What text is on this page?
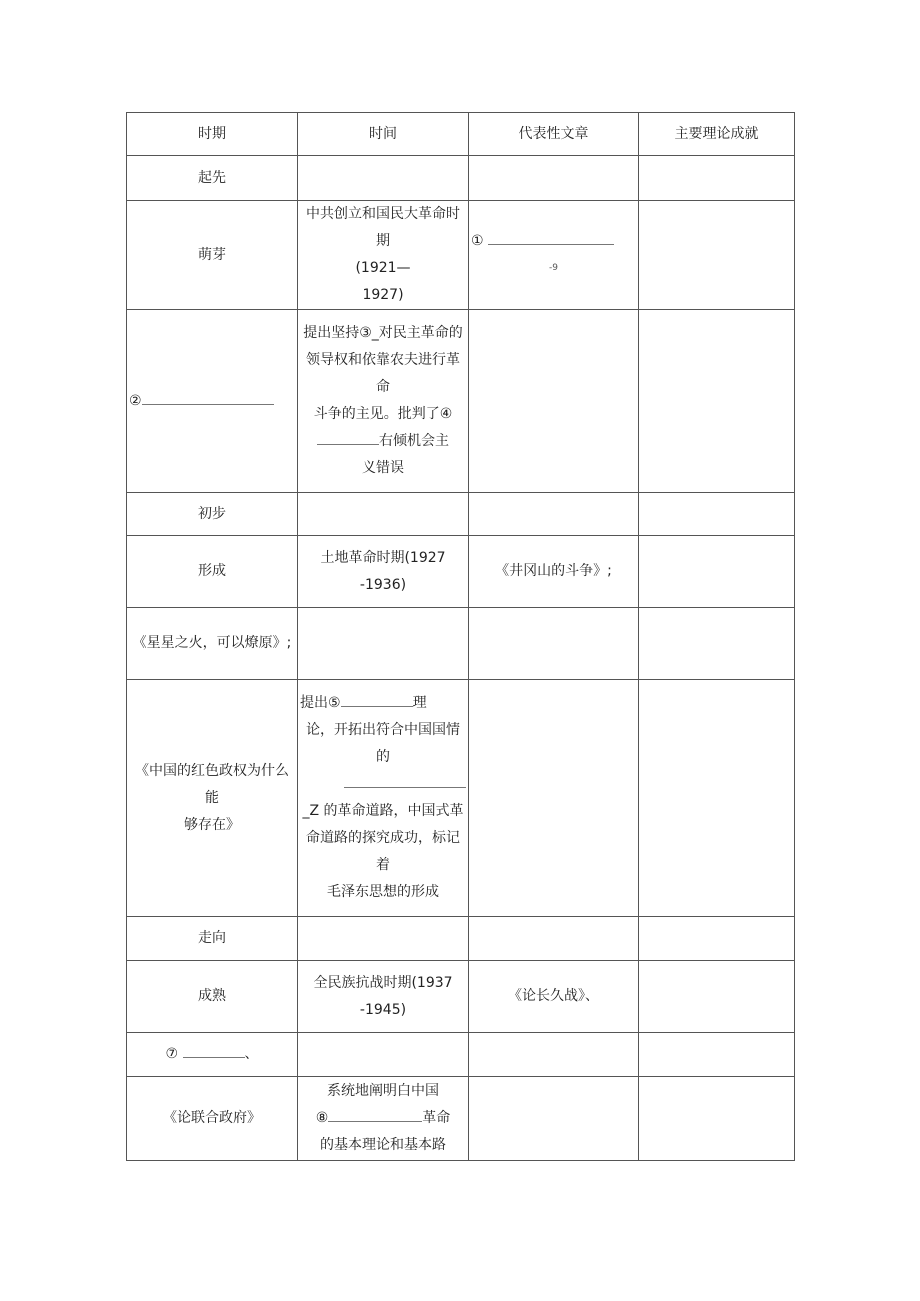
时期	时间	代表性文章	主要理论成就
起先			
萌芽	中共创立和国民大革命时期
(1921—
1927)	①
-9	

②	提出坚持③_对民主革命的
领导权和依靠农夫进行革命
斗争的主见。批判了④
右倾机会主
义错误		

初步			
形成	土地革命时期(1927
-1936)	《井冈山的斗争》;	
《星星之火，可以燎原》;			

《中国的红色政权为什么能
够存在》	提出⑤ 理
论，开拓出符合中国国情的
_Z 的革命道路，中国式革
命道路的探究成功，标记着
毛泽东思想的形成		

走向			
成熟	全民族抗战时期(1937
-1945)	《论长久战》、	
⑦ 、			
《论联合政府》	系统地阐明白中国
⑧ 革命
的基本理论和基本路		
